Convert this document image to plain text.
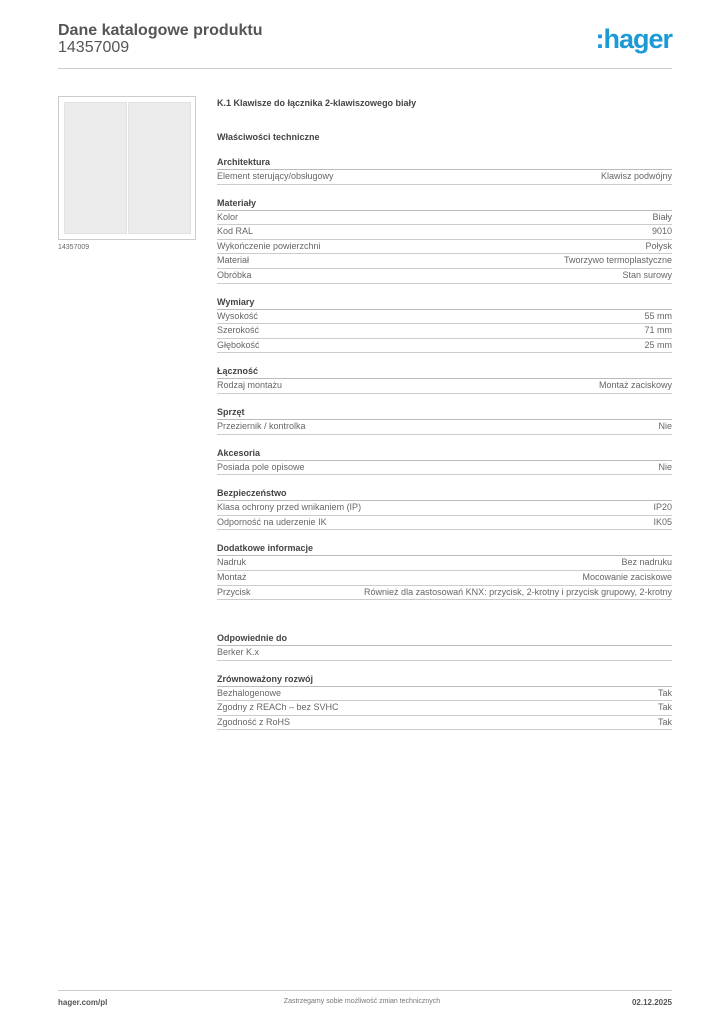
Dane katalogowe produktu
14357009	:hager
14357009
K.1 Klawisze do łącznika 2-klawiszowego biały
Właściwości techniczne
Architektura
Element sterujący/obsługowy	Klawisz podwójny
Materiały
Kolor	Biały
Kod RAL	9010
Wykończenie powierzchni	Połysk
Materiał	Tworzywo termoplastyczne
Obróbka	Stan surowy
Wymiary
Wysokość	55 mm
Szerokość	71 mm
Głębokość	25 mm
Łączność
Rodzaj montażu	Montaż zaciskowy
Sprzęt
Przeziernik / kontrolka	Nie
Akcesoria
Posiada pole opisowe	Nie
Bezpieczeństwo
Klasa ochrony przed wnikaniem (IP)	IP20
Odporność na uderzenie IK	IK05
Dodatkowe informacje
Nadruk	Bez nadruku
Montaż	Mocowanie zaciskowe
Przycisk	Również dla zastosowań KNX: przycisk, 2-krotny i przycisk grupowy, 2-krotny
Odpowiednie do
Berker K.x
Zrównoważony rozwój
Bezhalogenowe	Tak
Zgodny z REACh – bez SVHC	Tak
Zgodność z RoHS	Tak
hager.com/pl	Zastrzegamy sobie możliwość zmian technicznych	02.12.2025
